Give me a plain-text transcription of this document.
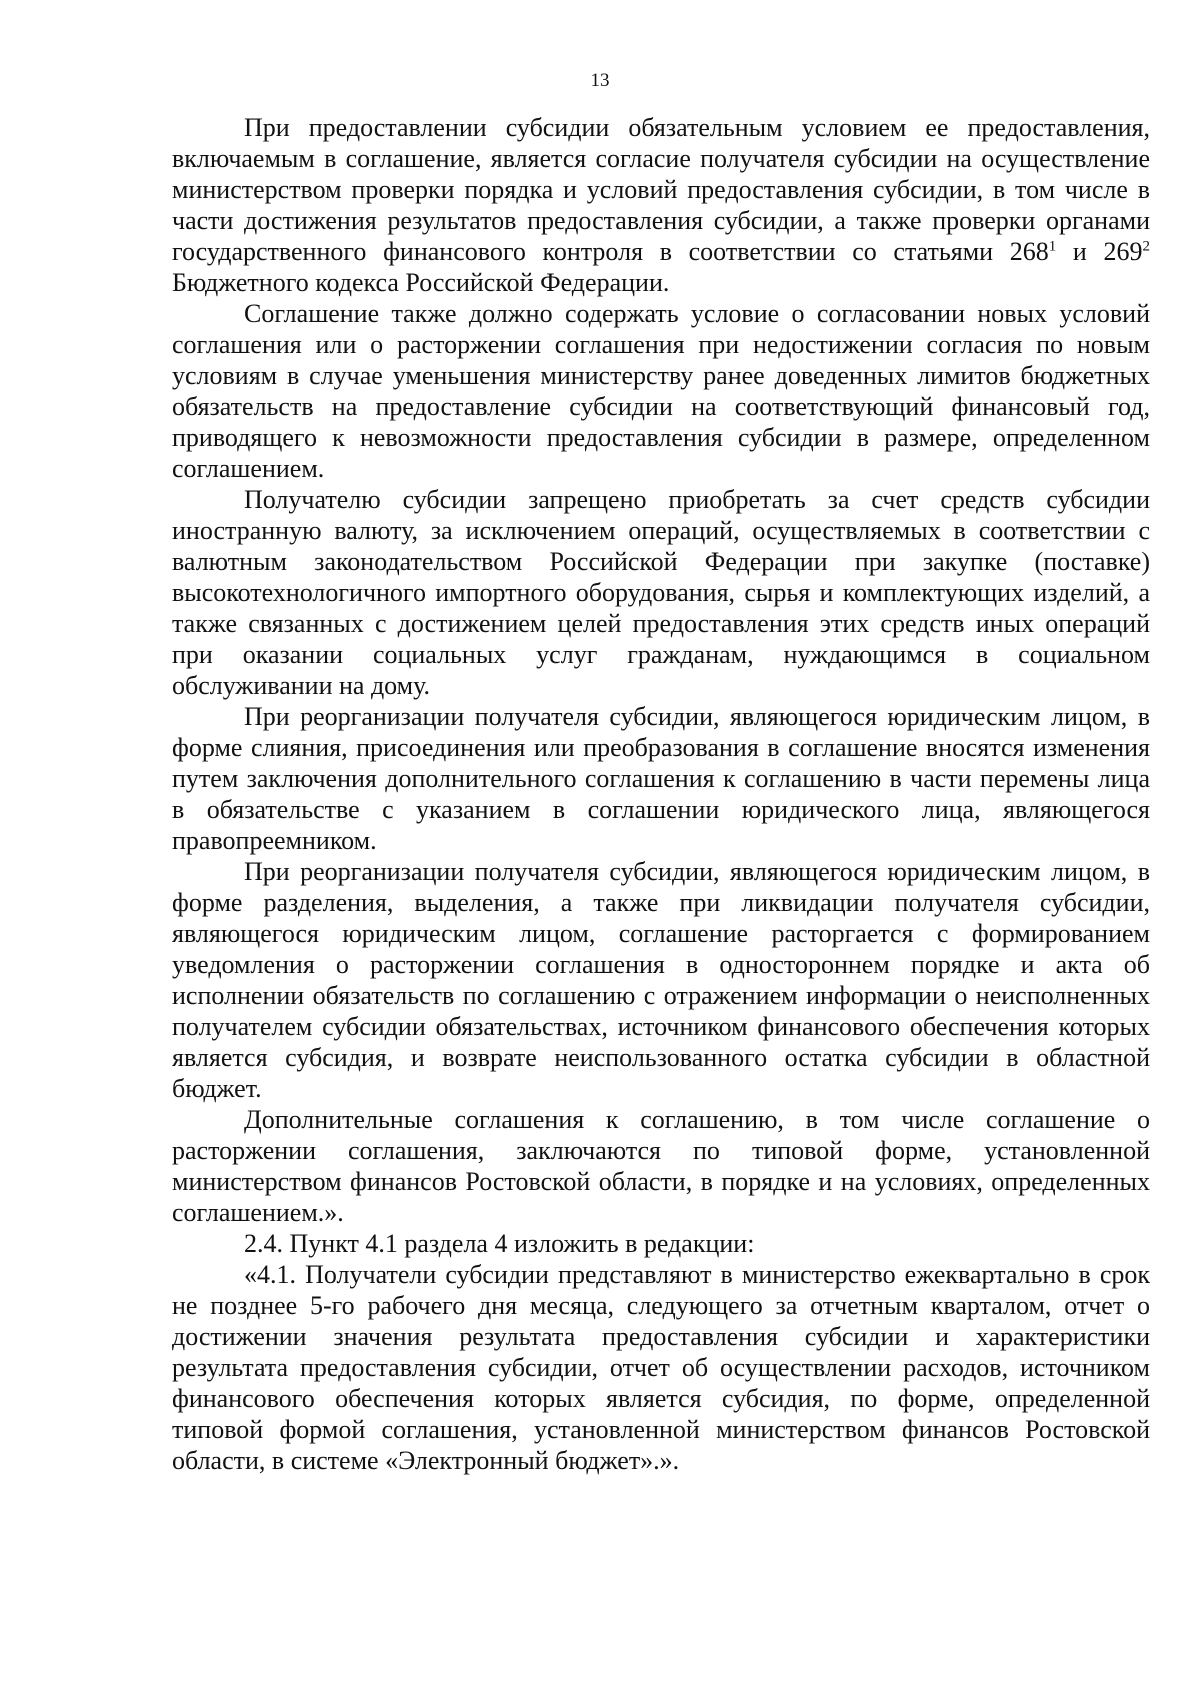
13

При предоставлении субсидии обязательным условием ее предоставления, включаемым в соглашение, является согласие получателя субсидии на осуществление министерством проверки порядка и условий предоставления субсидии, в том числе в части достижения результатов предоставления субсидии, а также проверки органами государственного финансового контроля в соответствии со статьями $268^1$ и $269^2$ Бюджетного кодекса Российской Федерации.

Соглашение также должно содержать условие о согласовании новых условий соглашения или о расторжении соглашения при недостижении согласия по новым условиям в случае уменьшения министерству ранее доведенных лимитов бюджетных обязательств на предоставление субсидии на соответствующий финансовый год, приводящего к невозможности предоставления субсидии в размере, определенном соглашением.

Получателю субсидии запрещено приобретать за счет средств субсидии иностранную валюту, за исключением операций, осуществляемых в соответствии с валютным законодательством Российской Федерации при закупке (поставке) высокотехнологичного импортного оборудования, сырья и комплектующих изделий, а также связанных с достижением целей предоставления этих средств иных операций при оказании социальных услуг гражданам, нуждающимся в социальном обслуживании на дому.

При реорганизации получателя субсидии, являющегося юридическим лицом, в форме слияния, присоединения или преобразования в соглашение вносятся изменения путем заключения дополнительного соглашения к соглашению в части перемены лица в обязательстве с указанием в соглашении юридического лица, являющегося правопреемником.

При реорганизации получателя субсидии, являющегося юридическим лицом, в форме разделения, выделения, а также при ликвидации получателя субсидии, являющегося юридическим лицом, соглашение расторгается с формированием уведомления о расторжении соглашения в одностороннем порядке и акта об исполнении обязательств по соглашению с отражением информации о неисполненных получателем субсидии обязательствах, источником финансового обеспечения которых является субсидия, и возврате неиспользованного остатка субсидии в областной бюджет.

Дополнительные соглашения к соглашению, в том числе соглашение о расторжении соглашения, заключаются по типовой форме, установленной министерством финансов Ростовской области, в порядке и на условиях, определенных соглашением.».

2.4. Пункт 4.1 раздела 4 изложить в редакции:

«4.1. Получатели субсидии представляют в министерство ежеквартально в срок не позднее 5-го рабочего дня месяца, следующего за отчетным кварталом, отчет о достижении значения результата предоставления субсидии и характеристики результата предоставления субсидии, отчет об осуществлении расходов, источником финансового обеспечения которых является субсидия, по форме, определенной типовой формой соглашения, установленной министерством финансов Ростовской области, в системе «Электронный бюджет».».
